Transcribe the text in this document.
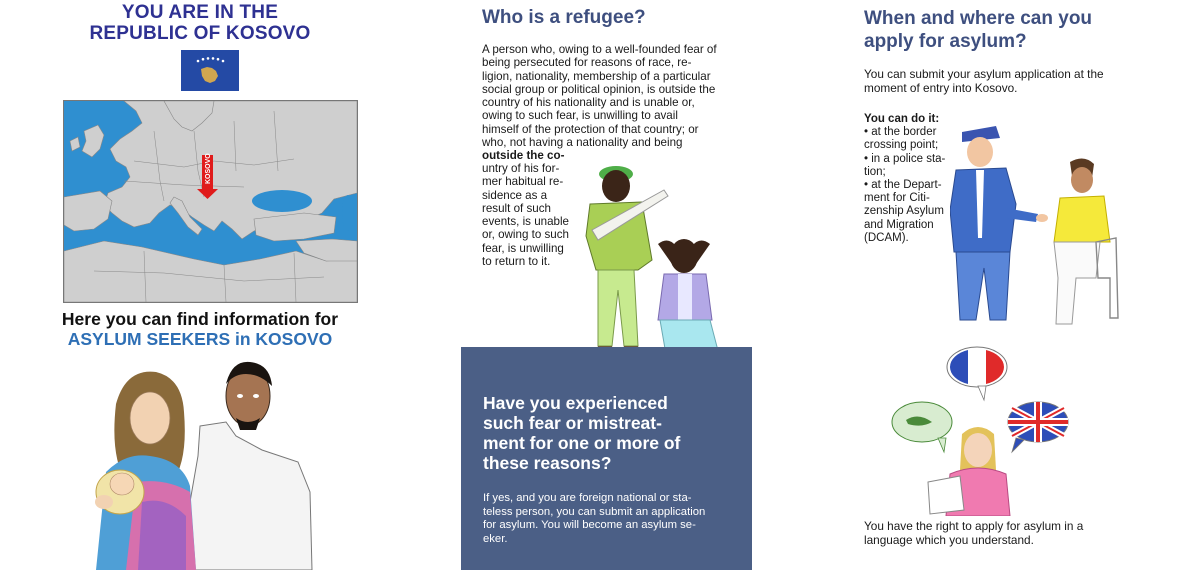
YOU ARE IN THE
REPUBLIC OF KOSOVO
KOSOVO
Here you can find information for
ASYLUM SEEKERS in KOSOVO
Who is a refugee?
A person who, owing to a well-founded fear of
being persecuted for reasons of race, re-
ligion, nationality, membership of a particular
social group or political opinion, is outside the
country of his nationality and is unable or,
owing to such fear, is unwilling to avail
himself of the protection of that country; or
who, not having a nationality and being
outside the co-
untry of his for-
mer habitual re-
sidence as a
result of such
events, is unable
or, owing to such
fear, is unwilling
to return to it.
Have you experienced
such fear or mistreat-
ment for one or more of
these reasons?
If yes, and you are foreign national or sta-
teless person, you can submit an application
for asylum. You will become an asylum se-
eker.
When and where can you
apply for asylum?
You can submit your asylum application at the
moment of entry into Kosovo.
You can do it:
• at the border
crossing point;
• in a police sta-
tion;
• at the Depart-
ment for Citi-
zenship Asylum
and Migration
(DCAM).
You have the right to apply for asylum in a
language which you understand.
